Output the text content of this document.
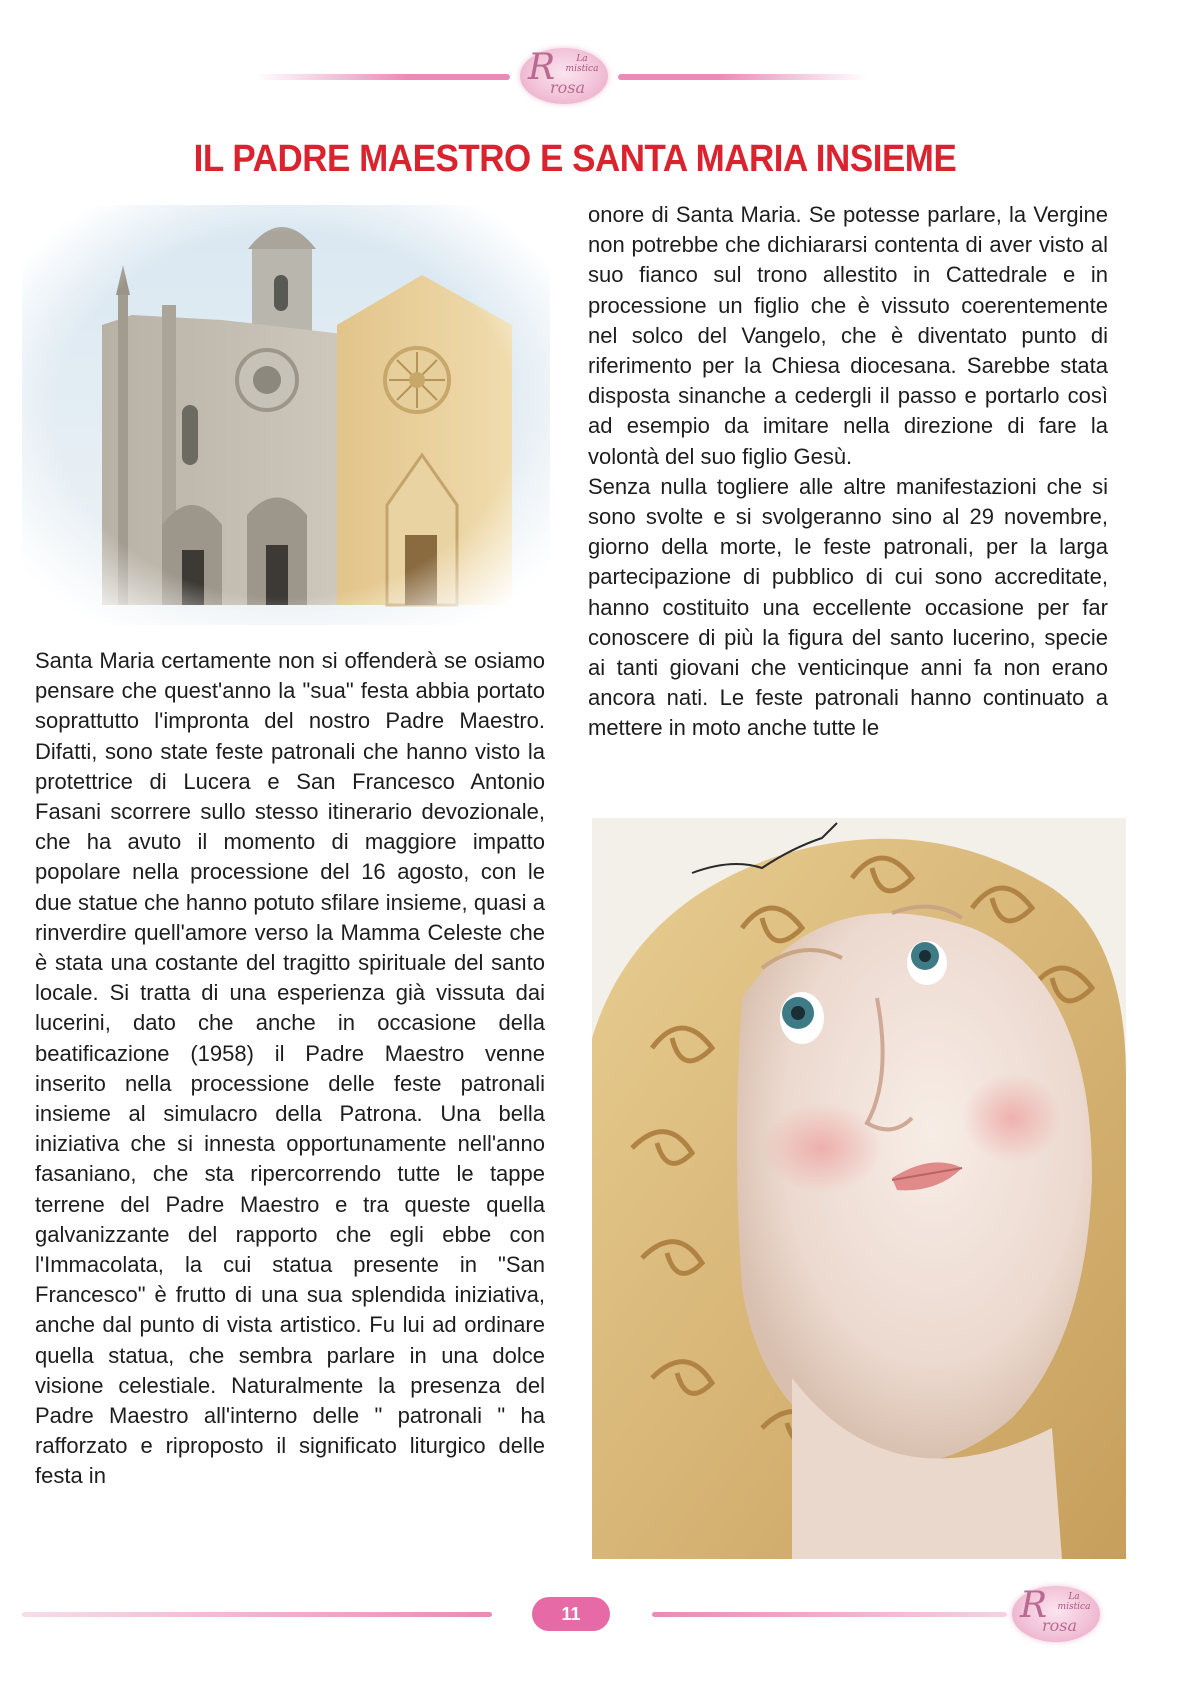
R	La mistica
rosa
IL PADRE MAESTRO E SANTA MARIA INSIEME

Santa Maria certamente non si offenderà se osiamo pensare che quest'anno la "sua" festa abbia portato soprattutto l'impronta del nostro Padre Maestro. Difatti, sono state feste patronali che hanno visto la protettrice di Lucera e San Francesco Antonio Fasani scorrere sullo stesso itinerario devozionale, che ha avuto il momento di maggiore impatto popolare nella processione del 16 agosto, con le due statue che hanno potuto sfilare insieme, quasi a rinverdire quell'amore verso la Mamma Celeste che è stata una costante del tragitto spirituale del santo locale. Si tratta di una esperienza già vissuta dai lucerini, dato che anche in occasione della beatificazione (1958) il Padre Maestro venne inserito nella processione delle feste patronali insieme al simulacro della Patrona. Una bella iniziativa che si innesta opportunamente nell'anno fasaniano, che sta ripercorrendo tutte le tappe terrene del Padre Maestro e tra queste quella galvanizzante del rapporto che egli ebbe con l'Immacolata, la cui statua presente in "San Francesco" è frutto di una sua splendida iniziativa, anche dal punto di vista artistico. Fu lui ad ordinare quella statua, che sembra parlare in una dolce visione celestiale. Naturalmente la presenza del Padre Maestro all'interno delle " patronali " ha rafforzato e riproposto il significato liturgico delle festa in

onore di Santa Maria. Se potesse parlare, la Vergine non potrebbe che dichiararsi contenta di aver visto al suo fianco sul trono allestito in Cattedrale e in processione un figlio che è vissuto coerentemente nel solco del Vangelo, che è diventato punto di riferimento per la Chiesa diocesana. Sarebbe stata disposta sinanche a cedergli il passo e portarlo così ad esempio da imitare nella direzione di fare la volontà del suo figlio Gesù.

Senza nulla togliere alle altre manifestazioni che si sono svolte e si svolgeranno sino al 29 novembre, giorno della morte, le feste patronali, per la larga partecipazione di pubblico di cui sono accreditate, hanno costituito una eccellente occasione per far conoscere di più la figura del santo lucerino, specie ai tanti giovani che venticinque anni fa non erano ancora nati. Le feste patronali hanno continuato a mettere in moto anche tutte le

11	R	La mistica
rosa
